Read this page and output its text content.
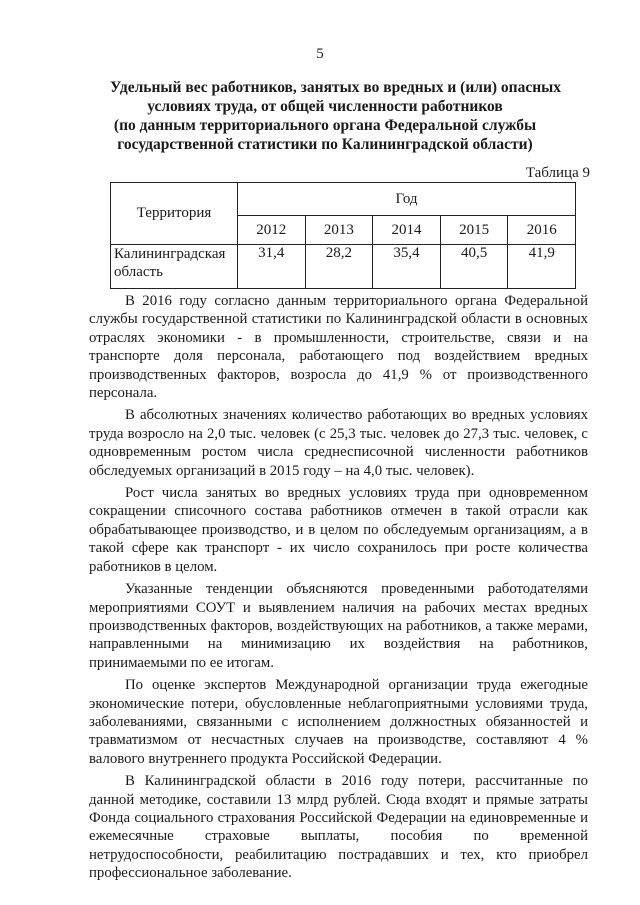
5
Удельный вес работников, занятых во вредных и (или) опасных
условиях труда, от общей численности работников
(по данным территориального органа Федеральной службы
государственной статистики по Калининградской области)
Таблица 9
Территория	Год				
	2012	2013	2014	2015	2016
Калининградская область	31,4	28,2	35,4	40,5	41,9

В 2016 году согласно данным территориального органа Федеральной службы государственной статистики по Калининградской области в основных отраслях экономики - в промышленности, строительстве, связи и на транспорте доля персонала, работающего под воздействием вредных производственных факторов, возросла до 41,9 % от производственного персонала.

В абсолютных значениях количество работающих во вредных условиях труда возросло на 2,0 тыс. человек (с 25,3 тыс. человек до 27,3 тыс. человек, с одновременным ростом числа среднесписочной численности работников обследуемых организаций в 2015 году – на 4,0 тыс. человек).

Рост числа занятых во вредных условиях труда при одновременном сокращении списочного состава работников отмечен в такой отрасли как обрабатывающее производство, и в целом по обследуемым организациям, а в такой сфере как транспорт - их число сохранилось при росте количества работников в целом.

Указанные тенденции объясняются проведенными работодателями мероприятиями СОУТ и выявлением наличия на рабочих местах вредных производственных факторов, воздействующих на работников, а также мерами, направленными на минимизацию их воздействия на работников, принимаемыми по ее итогам.

По оценке экспертов Международной организации труда ежегодные экономические потери, обусловленные неблагоприятными условиями труда, заболеваниями, связанными с исполнением должностных обязанностей и травматизмом от несчастных случаев на производстве, составляют 4 % валового внутреннего продукта Российской Федерации.

В Калининградской области в 2016 году потери, рассчитанные по данной методике, составили 13 млрд рублей. Сюда входят и прямые затраты Фонда социального страхования Российской Федерации на единовременные и ежемесячные страховые выплаты, пособия по временной нетрудоспособности, реабилитацию пострадавших и тех, кто приобрел профессиональное заболевание.
